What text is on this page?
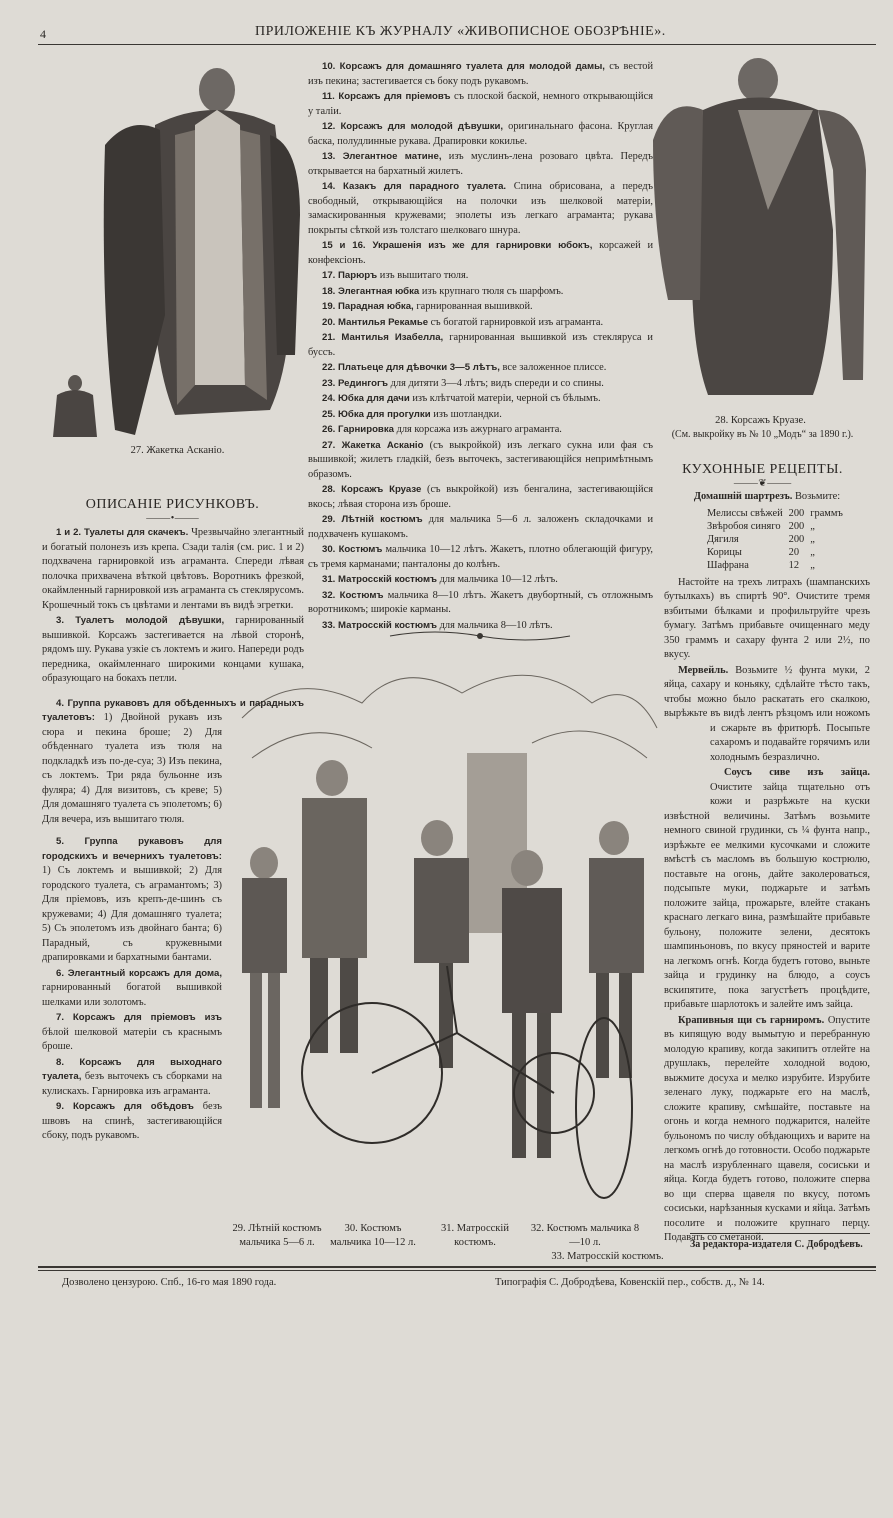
4	ПРИЛОЖЕНІЕ КЪ ЖУРНАЛУ «ЖИВОПИСНОЕ ОБОЗРѢНІЕ».
27. Жакетка Асканіо.
28. Корсажъ Круазе.
(См. выкройку въ № 10 „Модъ“ за 1890 г.).

10. Корсажъ для домашняго туалета для молодой дамы, съ вестой изъ пекина; застегивается съ боку подъ рукавомъ.

11. Корсажъ для пріемовъ съ плоской баской, немного открывающійся у таліи.

12. Корсажъ для молодой дѣвушки, оригинальнаго фасона. Круглая баска, полудлинные рукава. Драпировки кокилье.

13. Элегантное матине, изъ муслинъ-лена розоваго цвѣта. Передъ открывается на бархатный жилетъ.

14. Казакъ для парадного туалета. Спина обрисована, а передъ свободный, открывающійся на полочки изъ шелковой матеріи, замаскированныя кружевами; эполеты изъ легкаго аграманта; рукава покрыты сѣткой изъ толстаго шелковаго шнура.

15 и 16. Украшенія изъ же для гарнировки юбокъ, корсажей и конфексіонъ.

17. Парюръ изъ вышитаго тюля.

18. Элегантная юбка изъ крупнаго тюля съ шарфомъ.

19. Парадная юбка, гарнированная вышивкой.

20. Мантилья Рекамье съ богатой гарнировкой изъ аграманта.

21. Мантилья Изабелла, гарнированная вышивкой изъ стеклярусa и буссъ.

22. Платьеце для дѣвочки 3—5 лѣтъ, все заложенное плиссе.

23. Редингогъ для дитяти 3—4 лѣтъ; видъ спереди и со спины.

24. Юбка для дачи изъ клѣтчатой матеріи, черной съ бѣлымъ.

25. Юбка для прогулки изъ шотландки.

26. Гарнировка для корсажа изъ ажурнаго аграманта.

27. Жакетка Асканіо (съ выкройкой) изъ легкаго сукна или фая съ вышивкой; жилетъ гладкій, безъ выточекъ, застегивающійся непримѣтнымъ образомъ.

28. Корсажъ Круазе (съ выкройкой) изъ бенгалина, застегивающійся вкось; лѣвая сторона изъ броше.

29. Лѣтній костюмъ для мальчика 5—6 л. заложенъ складочками и подхваченъ кушакомъ.

30. Костюмъ мальчика 10—12 лѣтъ. Жакетъ, плотно облегающій фигуру, съ тремя карманами; панталоны до колѣнъ.

31. Матросскій костюмъ для мальчика 10—12 лѣтъ.

32. Костюмъ мальчика 8—10 лѣтъ. Жакетъ двубортный, съ отложнымъ воротникомъ; широкіе карманы.

33. Матросскій костюмъ для мальчика 8—10 лѣтъ.

29. Лѣтній костюмъ мальчика 5—6 л.
30. Костюмъ мальчика 10—12 л.
31. Матросскій костюмъ.
32. Костюмъ мальчика 8—10 л.
33. Матросскій костюмъ.
ОПИСАНІЕ РИСУНКОВЪ.
⸻•⸻

1 и 2. Туалеты для скачекъ. Чрезвычайно элегантный и богатый полонезъ изъ крепа. Сзади талія (см. рис. 1 и 2) подхвачена гарнировкой изъ аграманта. Спереди лѣвая полочка прихвачена вѣткой цвѣтовъ. Воротникъ фрезкой, окаймленный гарнировкой изъ аграманта съ стеклярусомъ. Крошечный токъ съ цвѣтами и лентами въ видѣ эгретки.

3. Туалетъ молодой дѣвушки, гарнированный вышивкой. Корсажъ застегивается на лѣвой сторонѣ, рядомъ шу. Рукава узкіе съ локтемъ и жиго. Напереди родъ передника, окаймленнаго широкими концами кушака, образующаго на бокахъ петли.

4. Группа рукавовъ для обѣденныхъ и парадныхъ туалетовъ: 1) Двойной рукавъ изъ сюра и пекина броше; 2) Для обѣденнаго туалета изъ тюля на подкладкѣ изъ по-де-суа; 3) Изъ пекина, съ локтемъ. Три ряда бульонне изъ фуляра; 4) Для визитовъ, съ креве; 5) Для домашняго туалета съ эполетомъ; 6) Для вечера, изъ вышитаго тюля.

5. Группа рукавовъ для городскихъ и вечернихъ туалетовъ: 1) Съ локтемъ и вышивкой; 2) Для городского туалета, съ аграмантомъ; 3) Для пріемовъ, изъ крепъ-де-шинъ съ кружевами; 4) Для домашняго туалета; 5) Съ эполетомъ изъ двойнаго банта; 6) Парадный, съ кружевными драпировками и бархатными бантами.

6. Элегантный корсажъ для дома, гарнированный богатой вышивкой шелками или золотомъ.

7. Корсажъ для пріемовъ изъ бѣлой шелковой матеріи съ краснымъ броше.

8. Корсажъ для выходнаго туалета, безъ выточекъ съ сборками на кулискахъ. Гарнировка изъ аграманта.

9. Корсажъ для обѣдовъ безъ швовъ на спинѣ, застегивающійся сбоку, подъ рукавомъ.

КУХОННЫЕ РЕЦЕПТЫ.
⸻❦⸻

Домашній шартрезъ. Возьмите:

Мелиссы свѣжей	200	граммъ
Звѣробоя синяго	200	„
Дягиля	200	„
Корицы	20	„
Шафрана	12	„

Настойте на трехъ литрахъ (шампанскихъ бутылкахъ) въ спиртѣ 90°. Очистите тремя взбитыми бѣлками и профильтруйте чрезъ бумагу. Затѣмъ прибавьте очищеннаго меду 350 граммъ и сахару фунта 2 или 2½, по вкусу.

Мервейль. Возьмите ½ фунта муки, 2 яйца, сахару и коньяку, сдѣлайте тѣсто такъ, чтобы можно было раскатать его скалкою, вырѣжьте въ видѣ лентъ рѣзцомъ или ножомъ и сжарьте въ фритюрѣ. Посыпьте сахаромъ и подавайте горячимъ или холоднымъ безразлично.

Соусъ сиве изъ зайца. Очистите зайца тщательно отъ кожи и разрѣжьте на куски извѣстной величины. Затѣмъ возьмите немного свиной грудинки, съ ¼ фунта напр., изрѣжьте ее мелкими кусочками и сложите вмѣстѣ съ масломъ въ большую кострюлю, поставьте на огонь, дайте заколероваться, подсыпьте муки, поджарьте и затѣмъ положите зайца, прожарьте, влейте стаканъ краснаго легкаго вина, размѣшайте прибавьте бульону, положите зелени, десятокъ шампиньоновъ, по вкусу пряностей и варите на легкомъ огнѣ. Когда будетъ готово, выньте зайца и грудинку на блюдо, а соусъ вскипятите, пока загустѣетъ процѣдите, прибавьте шарлотокъ и залейте имъ зайца.

Крапивныя щи съ гарниромъ. Опустите въ кипящую воду вымытую и перебранную молодую крапиву, когда закипитъ отлейте на друшлакъ, перелейте холодной водою, выжмите досуха и мелко изрубите. Изрубите зеленаго луку, поджарьте его на маслѣ, сложите крапиву, смѣшайте, поставьте на огонь и когда немного поджарится, налейте бульономъ по числу обѣдающихъ и варите на легкомъ огнѣ до готовности. Особо поджарьте на маслѣ изрубленнаго щавеля, сосиськи и яйца. Когда будетъ готово, положите сперва во щи сперва щавеля по вкусу, потомъ сосиськи, нарѣзанныя кусками и яйца. Затѣмъ посолите и положите крупнаго перцу. Подавать со сметаной.

За редактора-издателя С. Добродѣевъ.
Дозволено цензурою. Спб., 16-го мая 1890 года.	Типографія С. Добродѣева, Ковенскій пер., собств. д., № 14.
